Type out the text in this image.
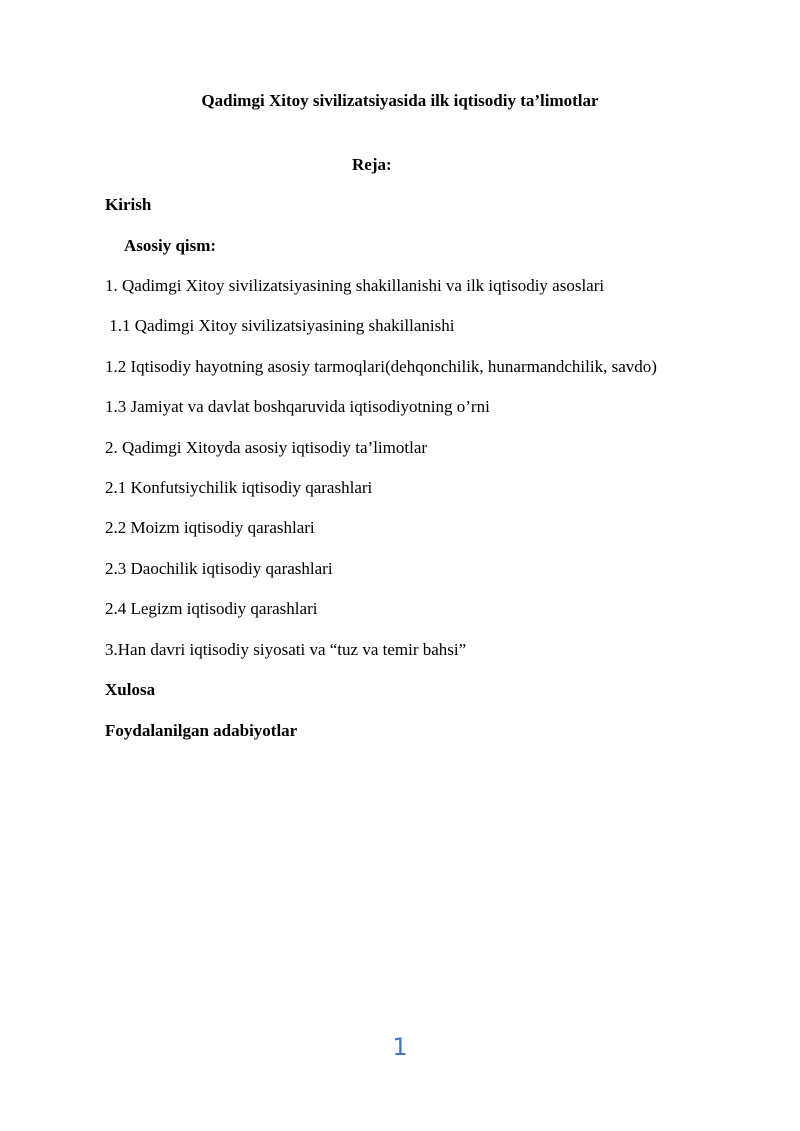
Qadimgi Xitoy sivilizatsiyasida ilk iqtisodiy ta’limotlar
Reja:
Kirish
Asosiy qism:
1. Qadimgi Xitoy sivilizatsiyasining shakillanishi va ilk iqtisodiy asoslari
1.1 Qadimgi Xitoy sivilizatsiyasining shakillanishi
1.2 Iqtisodiy hayotning asosiy tarmoqlari(dehqonchilik, hunarmandchilik, savdo)
1.3 Jamiyat va davlat boshqaruvida iqtisodiyotning o’rni
2. Qadimgi Xitoyda asosiy iqtisodiy ta’limotlar
2.1 Konfutsiychilik iqtisodiy qarashlari
2.2 Moizm iqtisodiy qarashlari
2.3 Daochilik iqtisodiy qarashlari
2.4 Legizm iqtisodiy qarashlari
3.Han davri iqtisodiy siyosati va “tuz va temir bahsi”
Xulosa
Foydalanilgan adabiyotlar
1
